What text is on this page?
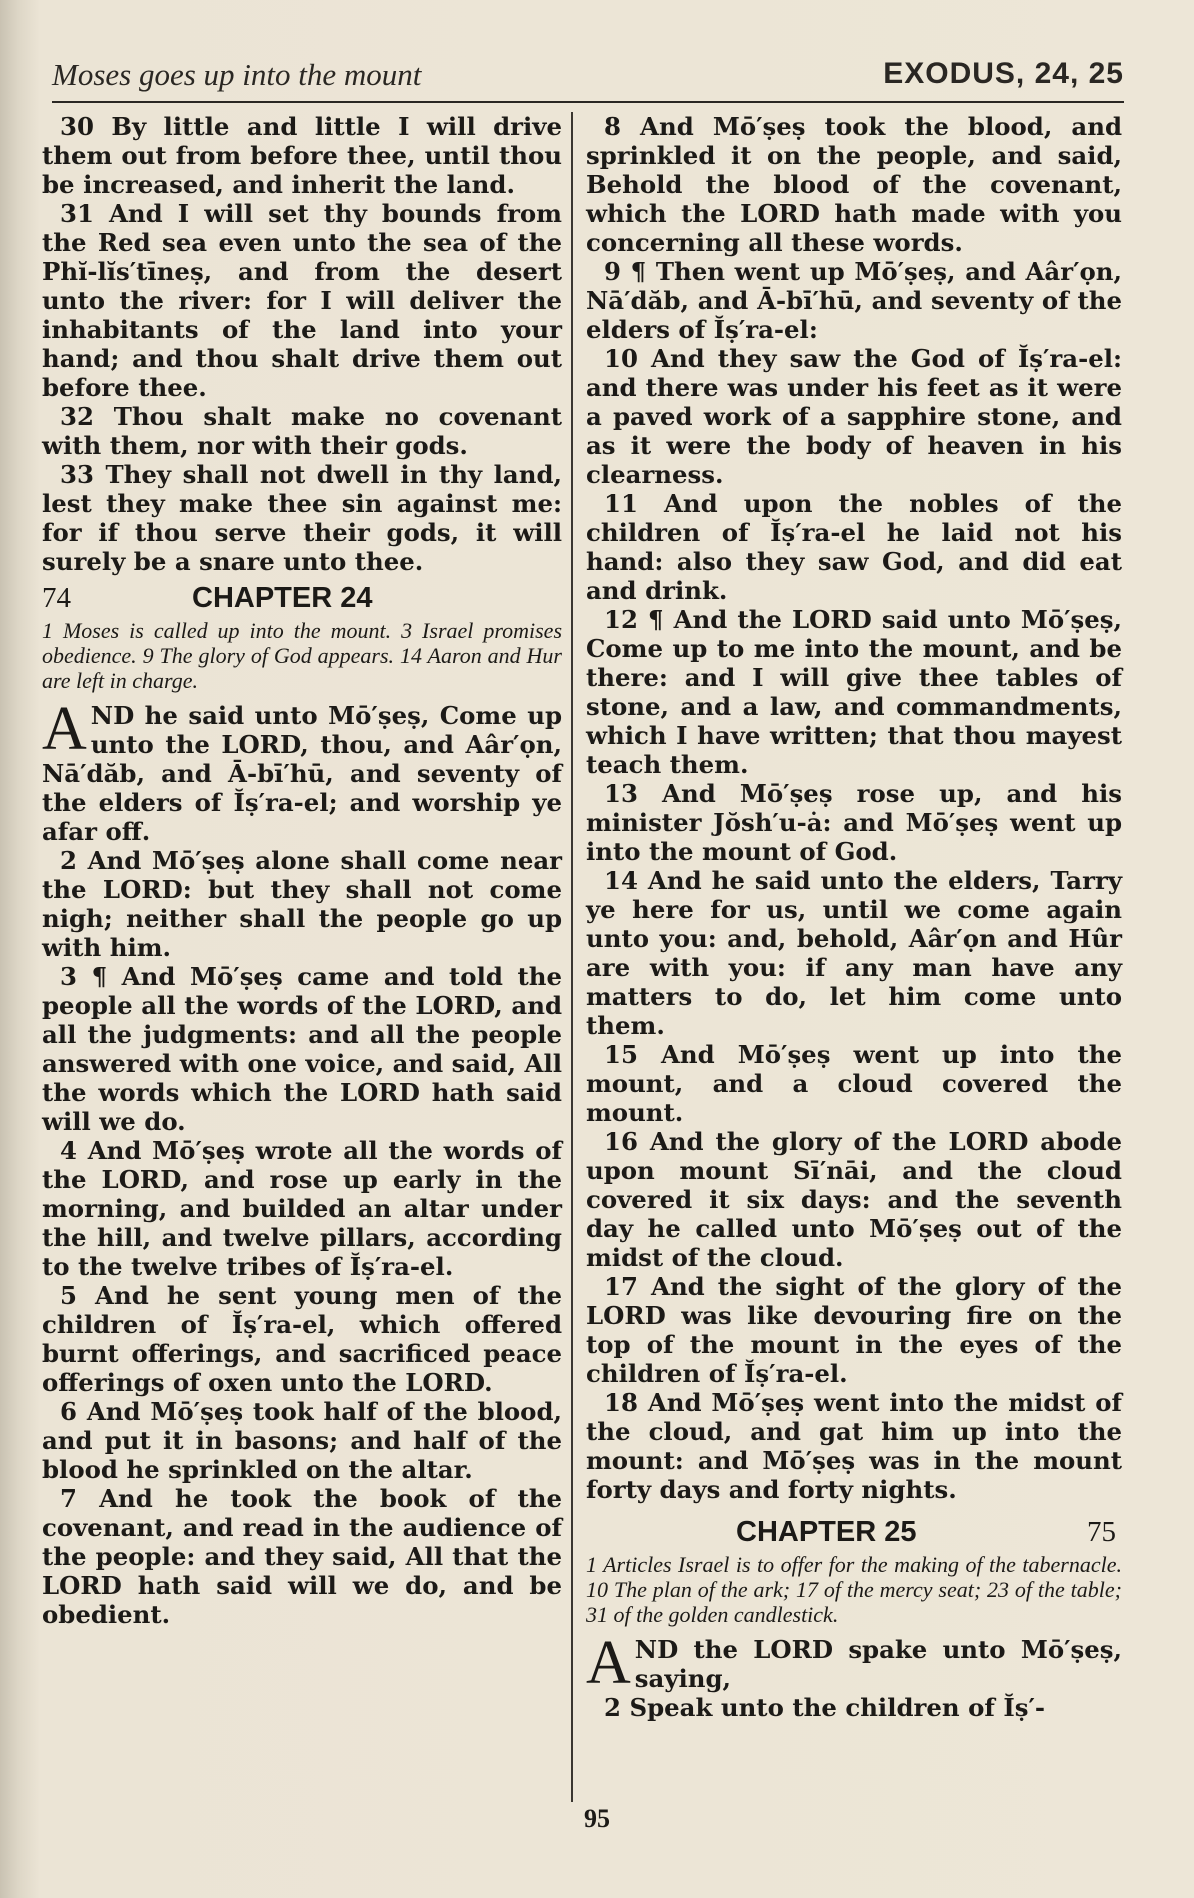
Moses goes up into the mount	EXODUS, 24, 25

30 By little and little I will drive them out from before thee, until thou be increased, and inherit the land.

31 And I will set thy bounds from the Red sea even unto the sea of the Phĭ-lĭs′tīneṣ, and from the desert unto the river: for I will deliver the inhabitants of the land into your hand; and thou shalt drive them out before thee.

32 Thou shalt make no covenant with them, nor with their gods.

33 They shall not dwell in thy land, lest they make thee sin against me: for if thou serve their gods, it will surely be a snare unto thee.

74	CHAPTER 24

1 Moses is called up into the mount. 3 Israel promises obedience. 9 The glory of God appears. 14 Aaron and Hur are left in charge.

AND he said unto Mō′ṣeṣ, Come up unto the LORD, thou, and Aâr′ọn, Nā′dăb, and Ā-bī′hū, and seventy of the elders of Ĭṣ′ra-el; and worship ye afar off.

2 And Mō′ṣeṣ alone shall come near the LORD: but they shall not come nigh; neither shall the people go up with him.

3 ¶ And Mō′ṣeṣ came and told the people all the words of the LORD, and all the judgments: and all the people answered with one voice, and said, All the words which the LORD hath said will we do.

4 And Mō′ṣeṣ wrote all the words of the LORD, and rose up early in the morning, and builded an altar under the hill, and twelve pillars, according to the twelve tribes of Ĭṣ′ra-el.

5 And he sent young men of the children of Ĭṣ′ra-el, which offered burnt offerings, and sacrificed peace offerings of oxen unto the LORD.

6 And Mō′ṣeṣ took half of the blood, and put it in basons; and half of the blood he sprinkled on the altar.

7 And he took the book of the covenant, and read in the audience of the people: and they said, All that the LORD hath said will we do, and be obedient.

8 And Mō′ṣeṣ took the blood, and sprinkled it on the people, and said, Behold the blood of the covenant, which the LORD hath made with you concerning all these words.

9 ¶ Then went up Mō′ṣeṣ, and Aâr′ọn, Nā′dăb, and Ā-bī′hū, and seventy of the elders of Ĭṣ′ra-el:

10 And they saw the God of Ĭṣ′ra-el: and there was under his feet as it were a paved work of a sapphire stone, and as it were the body of heaven in his clearness.

11 And upon the nobles of the children of Ĭṣ′ra-el he laid not his hand: also they saw God, and did eat and drink.

12 ¶ And the LORD said unto Mō′ṣeṣ, Come up to me into the mount, and be there: and I will give thee tables of stone, and a law, and commandments, which I have written; that thou mayest teach them.

13 And Mō′ṣeṣ rose up, and his minister Jŏsh′u-ȧ: and Mō′ṣeṣ went up into the mount of God.

14 And he said unto the elders, Tarry ye here for us, until we come again unto you: and, behold, Aâr′ọn and Hûr are with you: if any man have any matters to do, let him come unto them.

15 And Mō′ṣeṣ went up into the mount, and a cloud covered the mount.

16 And the glory of the LORD abode upon mount Sī′nāi, and the cloud covered it six days: and the seventh day he called unto Mō′ṣeṣ out of the midst of the cloud.

17 And the sight of the glory of the LORD was like devouring fire on the top of the mount in the eyes of the children of Ĭṣ′ra-el.

18 And Mō′ṣeṣ went into the midst of the cloud, and gat him up into the mount: and Mō′ṣeṣ was in the mount forty days and forty nights.

CHAPTER 25	75

1 Articles Israel is to offer for the making of the tabernacle. 10 The plan of the ark; 17 of the mercy seat; 23 of the table; 31 of the golden candlestick.

AND the LORD spake unto Mō′ṣeṣ, saying,

2 Speak unto the children of Ĭṣ′-

95
